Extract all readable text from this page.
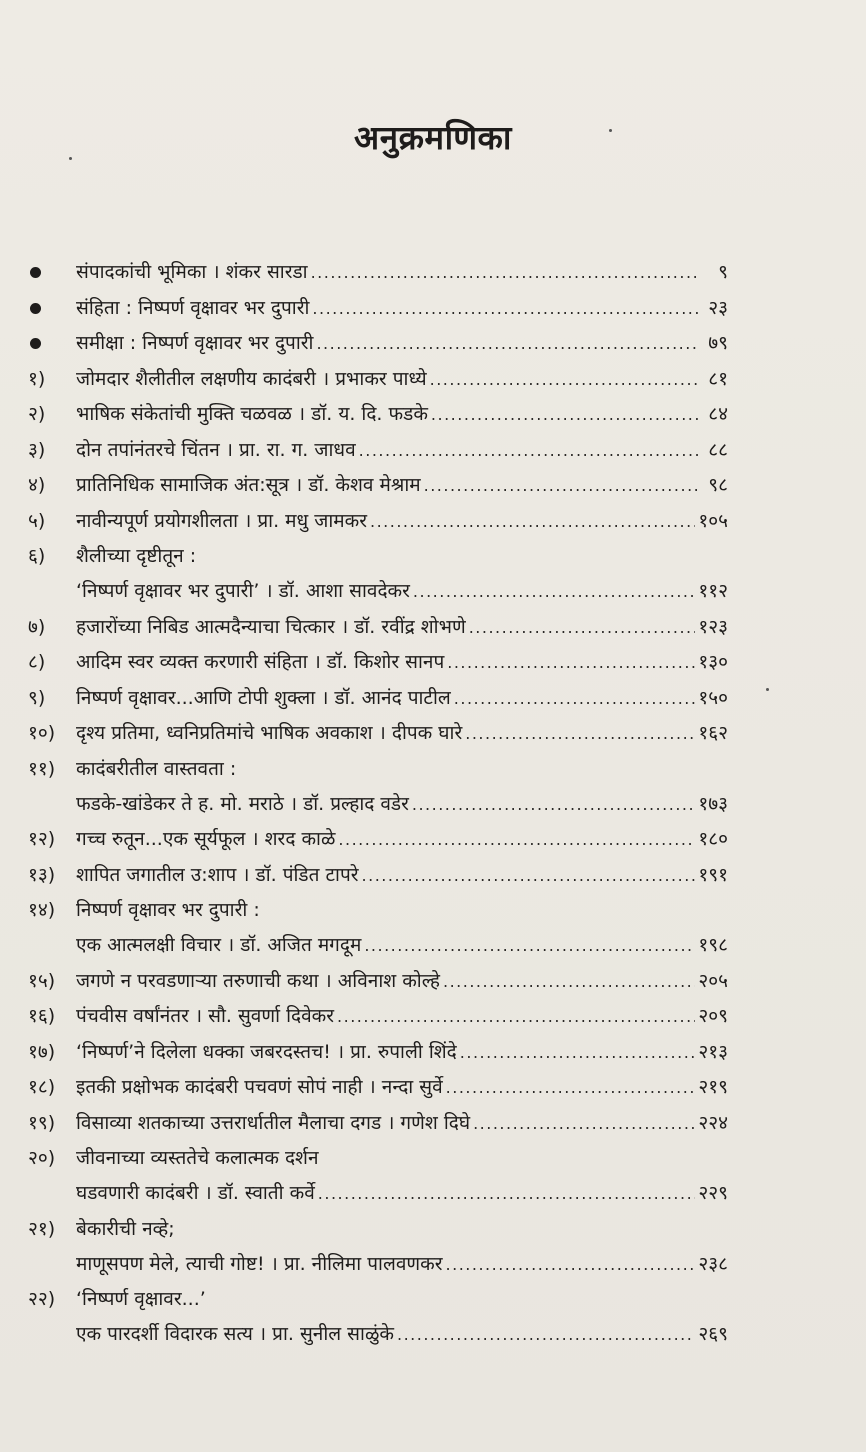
अनुक्रमणिका
संपादकांची भूमिका । शंकर सारडा .....	९
संहिता : निष्पर्ण वृक्षावर भर दुपारी .....	२३
समीक्षा : निष्पर्ण वृक्षावर भर दुपारी .....	७९
१)	जोमदार शैलीतील लक्षणीय कादंबरी । प्रभाकर पाध्ये .....	८१
२)	भाषिक संकेतांची मुक्ति चळवळ । डॉ. य. दि. फडके .....	८४
३)	दोन तपांनंतरचे चिंतन । प्रा. रा. ग. जाधव .....	८८
४)	प्रातिनिधिक सामाजिक अंत:सूत्र । डॉ. केशव मेश्राम .....	९८
५)	नावीन्यपूर्ण प्रयोगशीलता । प्रा. मधु जामकर .....	१०५
६)	शैलीच्या दृष्टीतून :
‘निष्पर्ण वृक्षावर भर दुपारी’ । डॉ. आशा सावदेकर .....	११२
७)	हजारोंच्या निबिड आत्मदैन्याचा चित्कार । डॉ. रवींद्र शोभणे .....	१२३
८)	आदिम स्वर व्यक्त करणारी संहिता । डॉ. किशोर सानप .....	१३०
९)	निष्पर्ण वृक्षावर...आणि टोपी शुक्ला । डॉ. आनंद पाटील .....	१५०
१०)	दृश्य प्रतिमा, ध्वनिप्रतिमांचे भाषिक अवकाश । दीपक घारे .....	१६२
११)	कादंबरीतील वास्तवता :
फडके-खांडेकर ते ह. मो. मराठे । डॉ. प्रल्हाद वडेर .....	१७३
१२)	गच्च रुतून...एक सूर्यफूल । शरद काळे .....	१८०
१३)	शापित जगातील उ:शाप । डॉ. पंडित टापरे .....	१९१
१४)	निष्पर्ण वृक्षावर भर दुपारी :
एक आत्मलक्षी विचार । डॉ. अजित मगदूम .....	१९८
१५)	जगणे न परवडणाऱ्या तरुणाची कथा । अविनाश कोल्हे .....	२०५
१६)	पंचवीस वर्षांनंतर । सौ. सुवर्णा दिवेकर .....	२०९
१७)	‘निष्पर्ण’ने दिलेला धक्का जबरदस्तच! । प्रा. रुपाली शिंदे .....	२१३
१८)	इतकी प्रक्षोभक कादंबरी पचवणं सोपं नाही । नन्दा सुर्वे .....	२१९
१९)	विसाव्या शतकाच्या उत्तरार्धातील मैलाचा दगड । गणेश दिघे .....	२२४
२०)	जीवनाच्या व्यस्ततेचे कलात्मक दर्शन
घडवणारी कादंबरी । डॉ. स्वाती कर्वे .....	२२९
२१)	बेकारीची नव्हे;
माणूसपण मेले, त्याची गोष्ट! । प्रा. नीलिमा पालवणकर .....	२३८
२२)	‘निष्पर्ण वृक्षावर...’
एक पारदर्शी विदारक सत्य । प्रा. सुनील साळुंके .....	२६९
